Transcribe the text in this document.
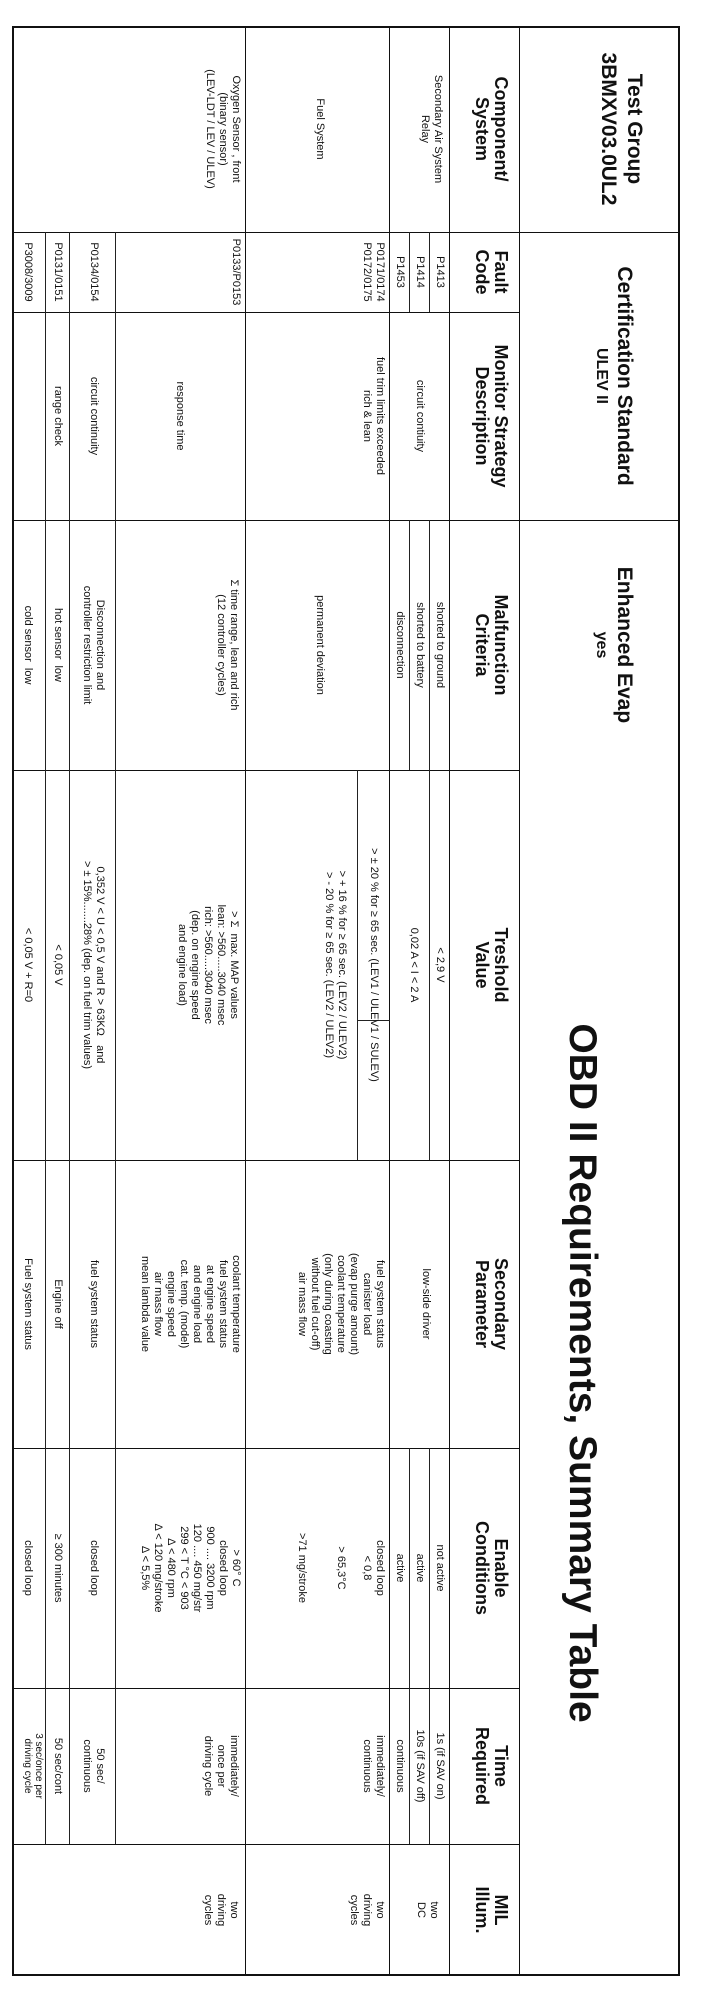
Test Group
3BMXV03.0UL2
Certification Standard
ULEV II
Enhanced Evap
yes
OBD II Requirements, Summary Table
Component/
System
Fault
Code
Monitor Strategy
Description
Malfunction
Criteria
Treshold
Value
Secondary
Parameter
Enable
Conditions
Time
Required
MIL
Illum.
Secondary Air System
Relay
P1413
P1414
P1453
circuit contiuity
shorted to ground
shorted to battery
disconnection
< 2,9 V
0,02 A < I < 2 A
low-side driver
not active
active
active
1s (if SAV on)
10s (if SAV off)
continuous
two
DC
Fuel System
P0171/0174
P0172/0175
fuel trim limits exceeded
rich & lean
permanent deviation
> ± 20 % for ≥ 65 sec. (LEV1 / ULEV1 / SULEV)
> + 16 % for ≥ 65 sec. (LEV2 / ULEV2)
> - 20 % for ≥ 65 sec. (LEV2 / ULEV2)
fuel system status
canister load
(evap purge amount)
coolant temperature
(only during coasting
without fuel cut-off)
air mass flow
closed loop
< 0,8

> 65,3°C

>71 mg/stroke
immediately/
continuous
two
driving
cycles
Oxygen Sensor , front
(binary sensor)
(LEV-LDT / LEV / ULEV)
P0133/P0153
P0134/0154
P0131/0151
P3008/3009
response time
circuit continuity
range check
Σ time range, lean and rich
(12 controller cycles)
Disconnection and
controller restriction limit
hot sensor  low
cold sensor  low
> Σ  max. MAP values
lean: >560.....3040 msec
rich: >560.....3040 msec
(dep. on engine speed
and engine load)
0,352 V < U < 0,5 V and R > 63KΩ   and
> ± 15%.......28% (dep. on fuel trim values)
< 0,05 V
< 0,05 V + R=0
coolant temperature
fuel system status
at engine speed
and engine load
cat. temp. (model)
engine speed
air mass flow
mean lambda value
fuel system status
Engine off
Fuel system status
> 60° C
closed loop
900 .... 3200 rpm
120 .... 450 mg/str
299 < T °C < 903
Δ < 480 rpm
Δ < 120 mg/stroke
Δ < 5,5%
closed loop
≥ 300 minutes
closed loop
immediately/
once per
driving cycle
50 sec/
continuous
50 sec/cont
3 sec/once per
driving cycle
two
driving
cycles
